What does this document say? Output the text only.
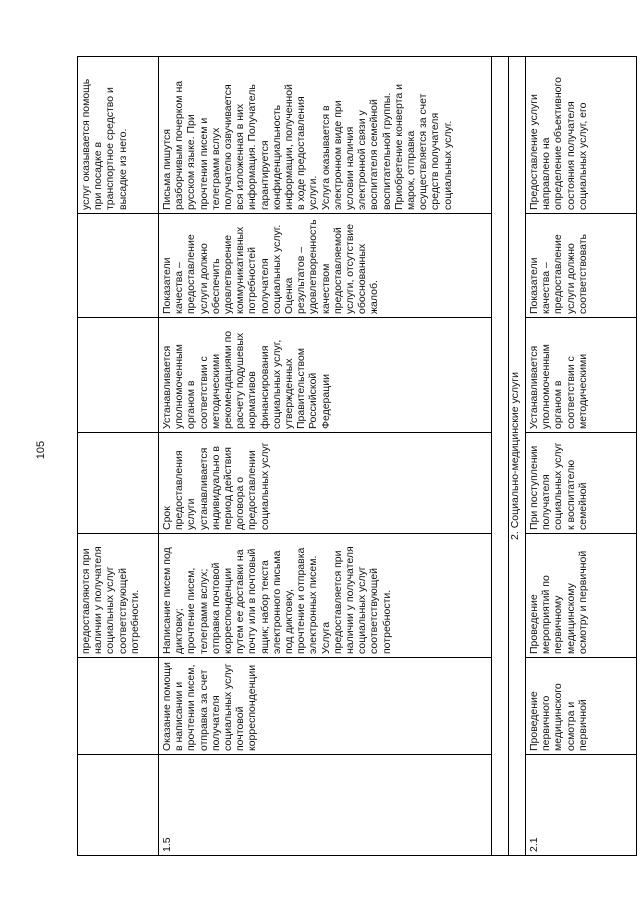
105
предоставляются при
наличии у получателя
социальных услуг
соответствующей
потребности.
услуг оказывается помощь
при посадке в
транспортное средство и
высадке из него.
1.5
Оказание помощи
в написании и
прочтении писем,
отправка за счет
получателя
социальных услуг
почтовой
корреспонденции
Написание писем под
диктовку;
прочтение писем,
телеграмм вслух;
отправка почтовой
корреспонденции
путем ее доставки на
почту или в почтовый
ящик; набор текста
электронного письма
под диктовку,
прочтение и отправка
электронных писем.
Услуга
предоставляется при
наличии у получателя
социальных услуг
соответствующей
потребности.
Срок
предоставления
услуги
устанавливается
индивидуально в
период действия
договора о
предоставлении
социальных услуг
Устанавливается
уполномоченным
органом в
соответствии с
методическими
рекомендациями по
расчету подушевых
нормативов
финансирования
социальных услуг,
утвержденных
Правительством
Российской
Федерации
Показатели
качества –
предоставление
услуги должно
обеспечить
удовлетворение
коммуникативных
потребностей
получателя
социальных услуг.
Оценка
результатов –
удовлетворенность
качеством
предоставляемой
услуги, отсутствие
обоснованных
жалоб.
Письма пишутся
разборчивым почерком на
русском языке. При
прочтении писем и
телеграмм вслух
получателю озвучивается
вся изложенная в них
информация. Получатель
гарантируется
конфиденциальность
информации, полученной
в ходе предоставления
услуги.
Услуга оказывается в
электронном виде при
условии наличия
электронной связи у
воспитателя семейной
воспитательной группы.
Приобретение конверта и
марок, отправка
осуществляется за счет
средств получателя
социальных услуг.
2. Социально-медицинские услуги
2.1
Проведение
первичного
медицинского
осмотра и
первичной
Проведение
мероприятий по
первичному
медицинскому
осмотру и первичной
При поступлении
получателя
социальных услуг
к воспитателю
семейной
Устанавливается
уполномоченным
органом в
соответствии с
методическими
Показатели
качества –
предоставление
услуги должно
соответствовать
Предоставление услуги
направлено на
определение объективного
состояния получателя
социальных услуг, его
